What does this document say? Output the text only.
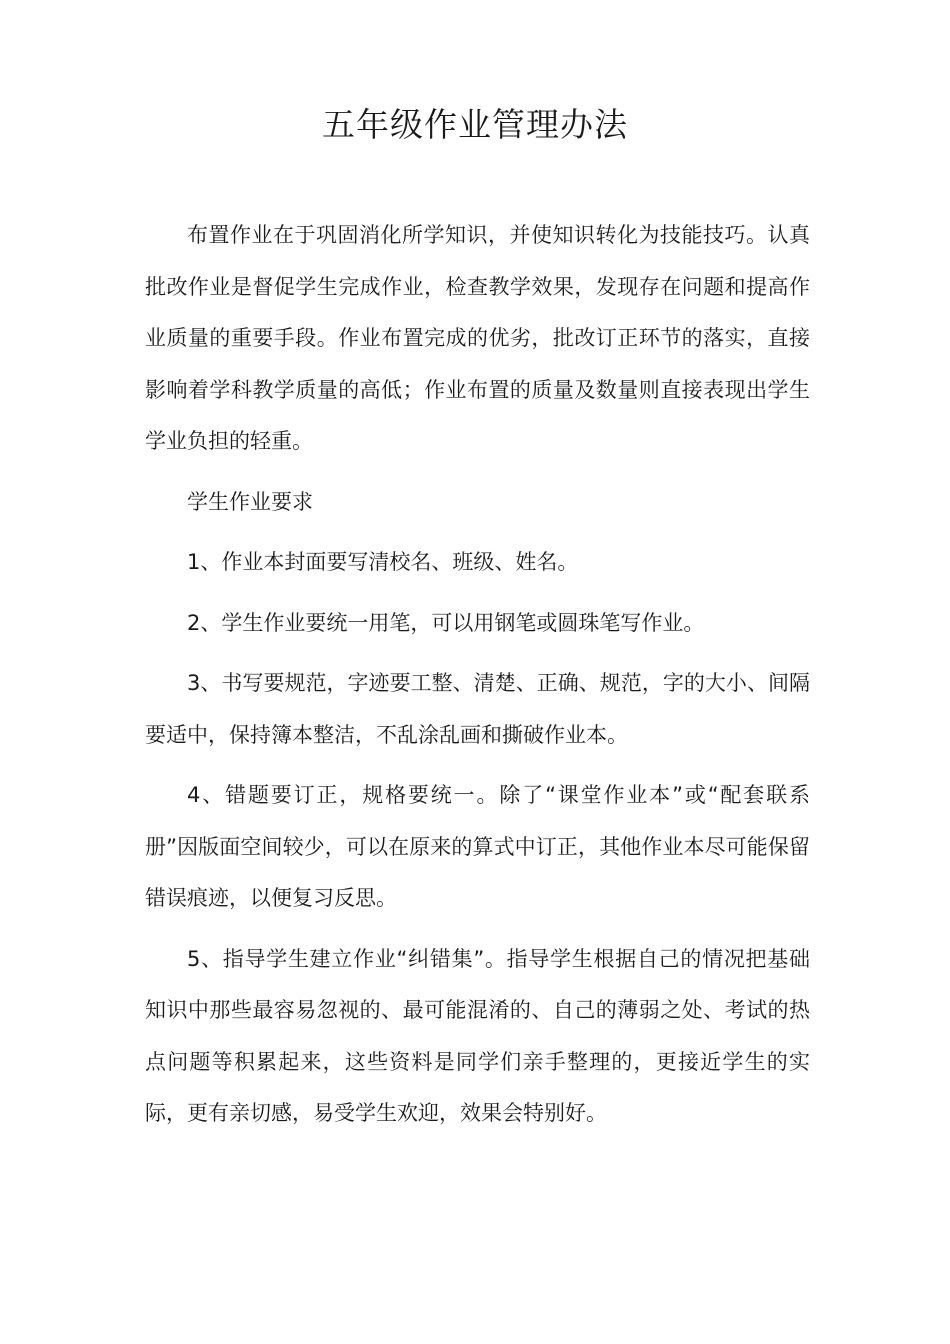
五年级作业管理办法

布置作业在于巩固消化所学知识，并使知识转化为技能技巧。认真批改作业是督促学生完成作业，检查教学效果，发现存在问题和提高作业质量的重要手段。作业布置完成的优劣，批改订正环节的落实，直接影响着学科教学质量的高低；作业布置的质量及数量则直接表现出学生学业负担的轻重。

学生作业要求

1、作业本封面要写清校名、班级、姓名。

2、学生作业要统一用笔，可以用钢笔或圆珠笔写作业。

3、书写要规范，字迹要工整、清楚、正确、规范，字的大小、间隔要适中，保持簿本整洁，不乱涂乱画和撕破作业本。

4、错题要订正，规格要统一。除了“课堂作业本”或“配套联系册”因版面空间较少，可以在原来的算式中订正，其他作业本尽可能保留错误痕迹，以便复习反思。

5、指导学生建立作业“纠错集”。指导学生根据自己的情况把基础知识中那些最容易忽视的、最可能混淆的、自己的薄弱之处、考试的热点问题等积累起来，这些资料是同学们亲手整理的，更接近学生的实际，更有亲切感，易受学生欢迎，效果会特别好。
